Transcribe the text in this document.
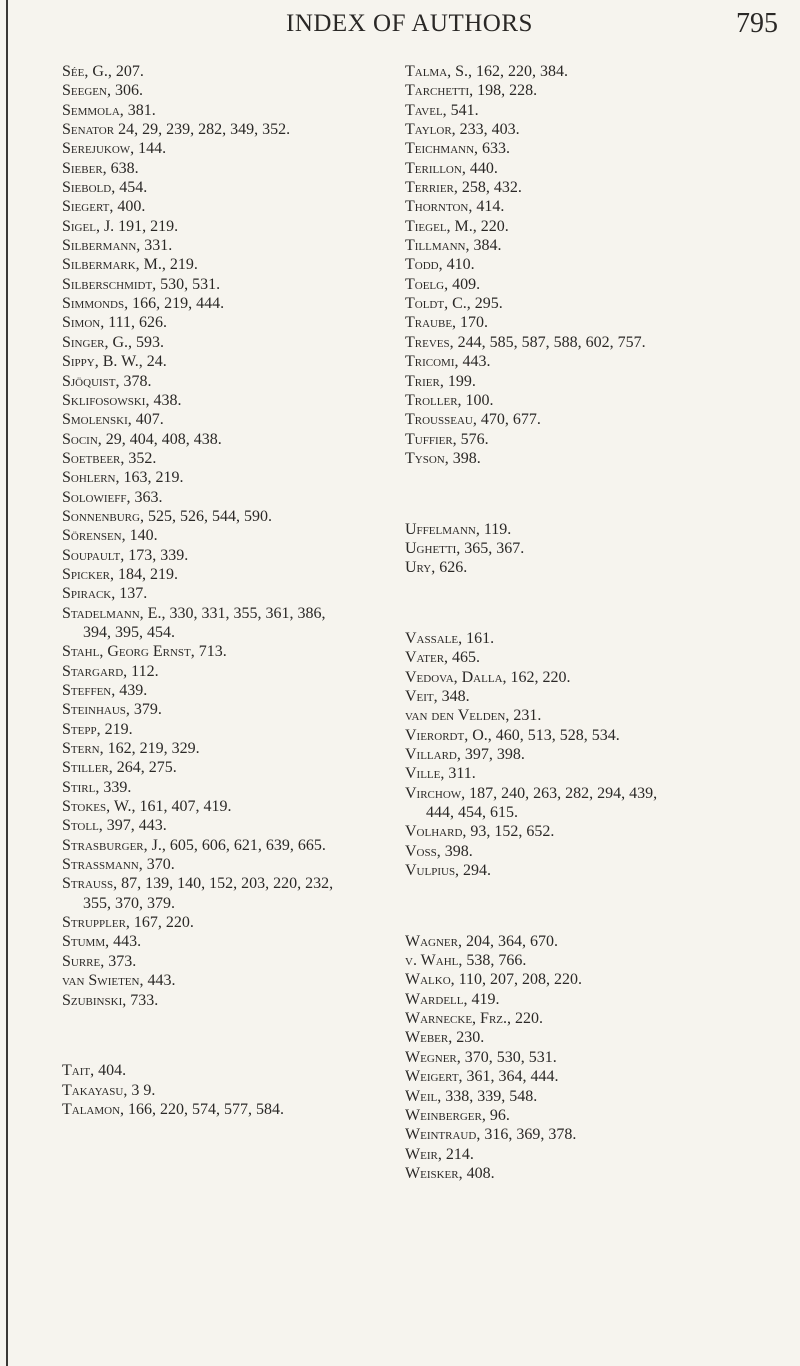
INDEX OF AUTHORS	795

Sée, G., 207.

Seegen, 306.

Semmola, 381.

Senator 24, 29, 239, 282, 349, 352.

Serejukow, 144.

Sieber, 638.

Siebold, 454.

Siegert, 400.

Sigel, J. 191, 219.

Silbermann, 331.

Silbermark, M., 219.

Silberschmidt, 530, 531.

Simmonds, 166, 219, 444.

Simon, 111, 626.

Singer, G., 593.

Sippy, B. W., 24.

Sjöquist, 378.

Sklifosowski, 438.

Smolenski, 407.

Socin, 29, 404, 408, 438.

Soetbeer, 352.

Sohlern, 163, 219.

Solowieff, 363.

Sonnenburg, 525, 526, 544, 590.

Sörensen, 140.

Soupault, 173, 339.

Spicker, 184, 219.

Spirack, 137.

Stadelmann, E., 330, 331, 355, 361, 386,

394, 395, 454.

Stahl, Georg Ernst, 713.

Stargard, 112.

Steffen, 439.

Steinhaus, 379.

Stepp, 219.

Stern, 162, 219, 329.

Stiller, 264, 275.

Stirl, 339.

Stokes, W., 161, 407, 419.

Stoll, 397, 443.

Strasburger, J., 605, 606, 621, 639, 665.

Strassmann, 370.

Strauss, 87, 139, 140, 152, 203, 220, 232,

355, 370, 379.

Struppler, 167, 220.

Stumm, 443.

Surre, 373.

van Swieten, 443.

Szubinski, 733.

Tait, 404.

Takayasu, 3 9.

Talamon, 166, 220, 574, 577, 584.

Talma, S., 162, 220, 384.

Tarchetti, 198, 228.

Tavel, 541.

Taylor, 233, 403.

Teichmann, 633.

Terillon, 440.

Terrier, 258, 432.

Thornton, 414.

Tiegel, M., 220.

Tillmann, 384.

Todd, 410.

Toelg, 409.

Toldt, C., 295.

Traube, 170.

Treves, 244, 585, 587, 588, 602, 757.

Tricomi, 443.

Trier, 199.

Troller, 100.

Trousseau, 470, 677.

Tuffier, 576.

Tyson, 398.

Uffelmann, 119.

Ughetti, 365, 367.

Ury, 626.

Vassale, 161.

Vater, 465.

Vedova, Dalla, 162, 220.

Veit, 348.

van den Velden, 231.

Vierordt, O., 460, 513, 528, 534.

Villard, 397, 398.

Ville, 311.

Virchow, 187, 240, 263, 282, 294, 439,

444, 454, 615.

Volhard, 93, 152, 652.

Voss, 398.

Vulpius, 294.

Wagner, 204, 364, 670.

v. Wahl, 538, 766.

Walko, 110, 207, 208, 220.

Wardell, 419.

Warnecke, Frz., 220.

Weber, 230.

Wegner, 370, 530, 531.

Weigert, 361, 364, 444.

Weil, 338, 339, 548.

Weinberger, 96.

Weintraud, 316, 369, 378.

Weir, 214.

Weisker, 408.
